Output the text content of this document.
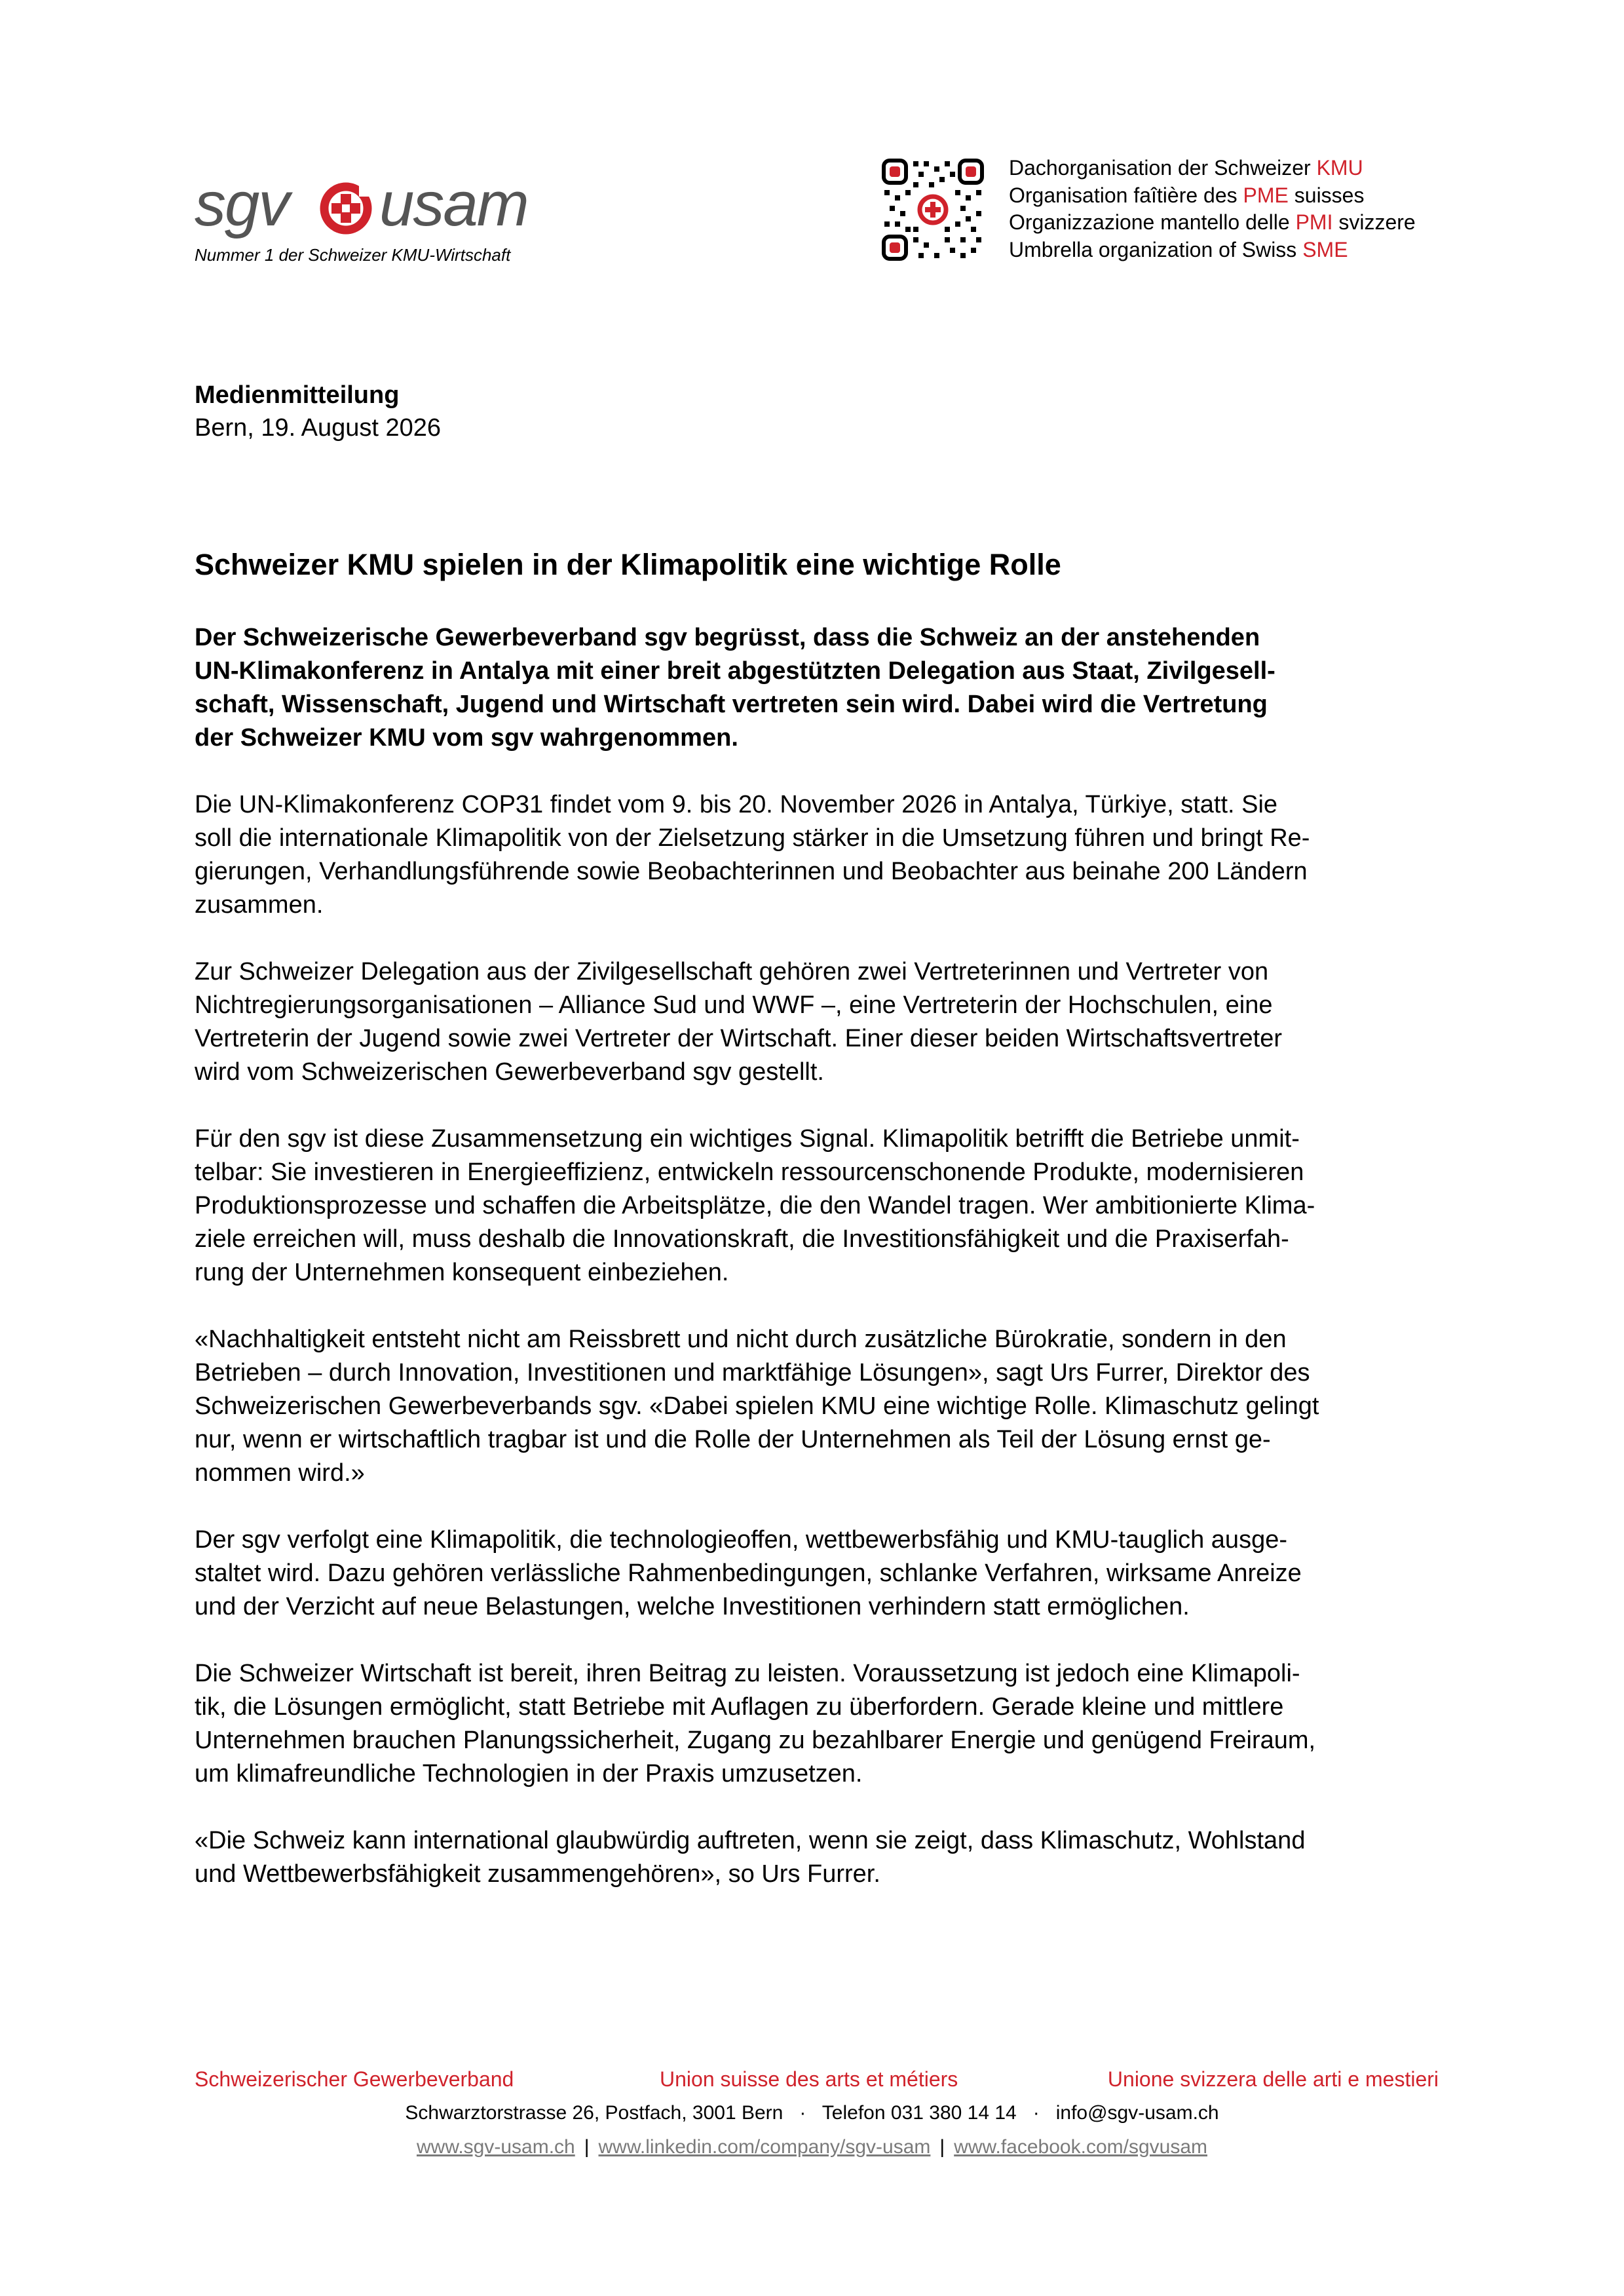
sgv usam
Nummer 1 der Schweizer KMU-Wirtschaft
Dachorganisation der Schweizer KMU
Organisation faîtière des PME suisses
Organizzazione mantello delle PMI svizzere
Umbrella organization of Swiss SME
Medienmitteilung
Bern, 19. August 2026
Schweizer KMU spielen in der Klimapolitik eine wichtige Rolle

Der Schweizerische Gewerbeverband sgv begrüsst, dass die Schweiz an der anstehenden
UN-Klimakonferenz in Antalya mit einer breit abgestützten Delegation aus Staat, Zivilgesell-
schaft, Wissenschaft, Jugend und Wirtschaft vertreten sein wird. Dabei wird die Vertretung
der Schweizer KMU vom sgv wahrgenommen.

Die UN-Klimakonferenz COP31 findet vom 9. bis 20. November 2026 in Antalya, Türkiye, statt. Sie
soll die internationale Klimapolitik von der Zielsetzung stärker in die Umsetzung führen und bringt Re-
gierungen, Verhandlungsführende sowie Beobachterinnen und Beobachter aus beinahe 200 Ländern
zusammen.

Zur Schweizer Delegation aus der Zivilgesellschaft gehören zwei Vertreterinnen und Vertreter von
Nichtregierungsorganisationen – Alliance Sud und WWF –, eine Vertreterin der Hochschulen, eine
Vertreterin der Jugend sowie zwei Vertreter der Wirtschaft. Einer dieser beiden Wirtschaftsvertreter
wird vom Schweizerischen Gewerbeverband sgv gestellt.

Für den sgv ist diese Zusammensetzung ein wichtiges Signal. Klimapolitik betrifft die Betriebe unmit-
telbar: Sie investieren in Energieeffizienz, entwickeln ressourcenschonende Produkte, modernisieren
Produktionsprozesse und schaffen die Arbeitsplätze, die den Wandel tragen. Wer ambitionierte Klima-
ziele erreichen will, muss deshalb die Innovationskraft, die Investitionsfähigkeit und die Praxiserfah-
rung der Unternehmen konsequent einbeziehen.

«Nachhaltigkeit entsteht nicht am Reissbrett und nicht durch zusätzliche Bürokratie, sondern in den
Betrieben – durch Innovation, Investitionen und marktfähige Lösungen», sagt Urs Furrer, Direktor des
Schweizerischen Gewerbeverbands sgv. «Dabei spielen KMU eine wichtige Rolle. Klimaschutz gelingt
nur, wenn er wirtschaftlich tragbar ist und die Rolle der Unternehmen als Teil der Lösung ernst ge-
nommen wird.»

Der sgv verfolgt eine Klimapolitik, die technologieoffen, wettbewerbsfähig und KMU-tauglich ausge-
staltet wird. Dazu gehören verlässliche Rahmenbedingungen, schlanke Verfahren, wirksame Anreize
und der Verzicht auf neue Belastungen, welche Investitionen verhindern statt ermöglichen.

Die Schweizer Wirtschaft ist bereit, ihren Beitrag zu leisten. Voraussetzung ist jedoch eine Klimapoli-
tik, die Lösungen ermöglicht, statt Betriebe mit Auflagen zu überfordern. Gerade kleine und mittlere
Unternehmen brauchen Planungssicherheit, Zugang zu bezahlbarer Energie und genügend Freiraum,
um klimafreundliche Technologien in der Praxis umzusetzen.

«Die Schweiz kann international glaubwürdig auftreten, wenn sie zeigt, dass Klimaschutz, Wohlstand
und Wettbewerbsfähigkeit zusammengehören», so Urs Furrer.

Schweizerischer Gewerbeverband	Union suisse des arts et métiers	Unione svizzera delle arti e mestieri
Schwarztorstrasse 26, Postfach, 3001 Bern   ·   Telefon 031 380 14 14   ·   info@sgv-usam.ch
www.sgv-usam.ch | www.linkedin.com/company/sgv-usam | www.facebook.com/sgvusam
